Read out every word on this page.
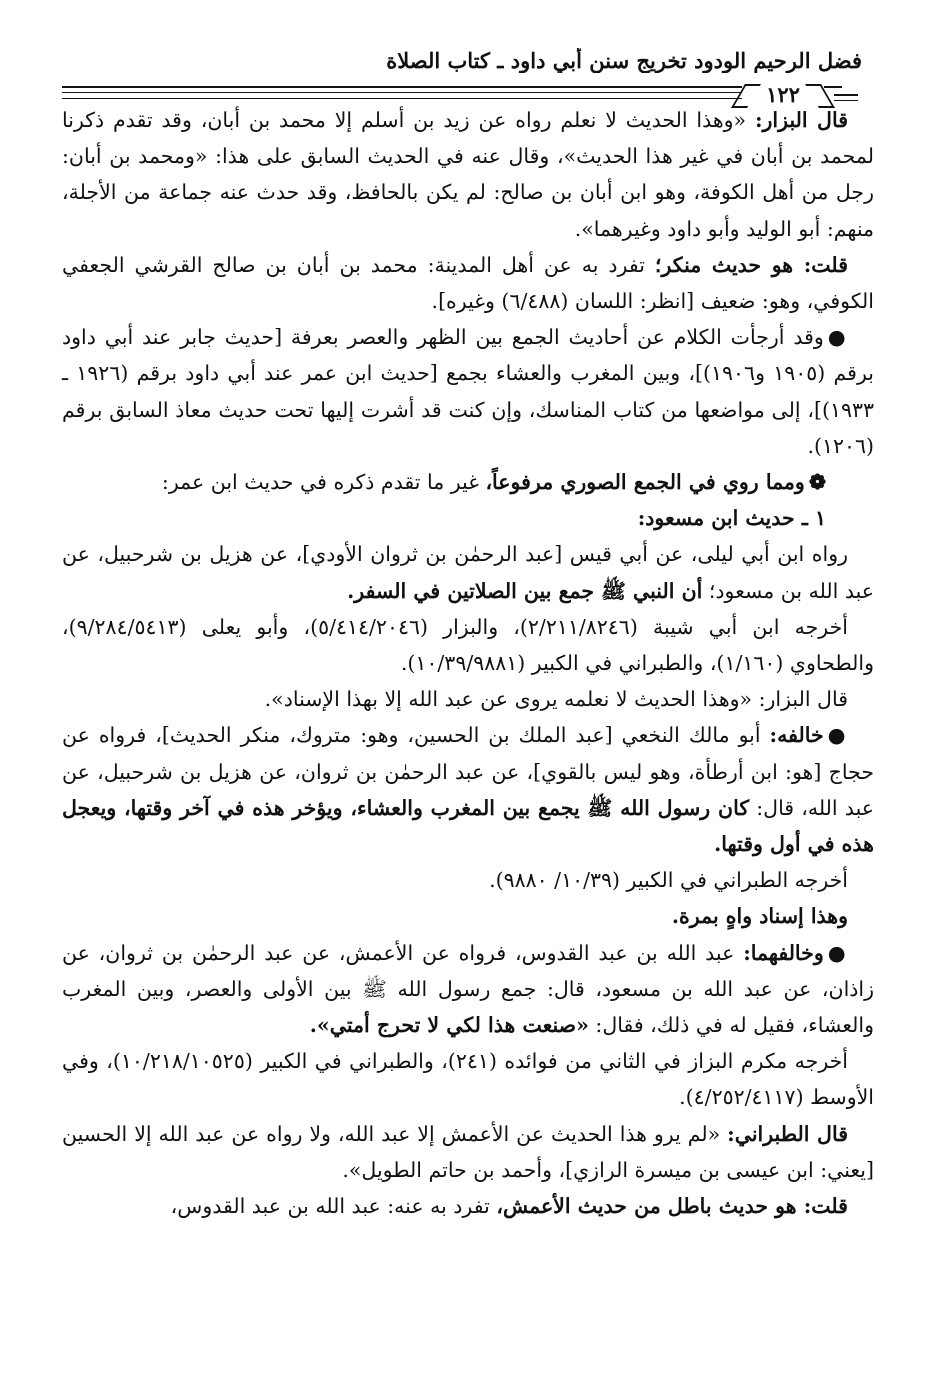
فضل الرحيم الودود تخريج سنن أبي داود ـ كتاب الصلاة
١٢٢

قال البزار: «وهذا الحديث لا نعلم رواه عن زيد بن أسلم إلا محمد بن أبان، وقد تقدم ذكرنا لمحمد بن أبان في غير هذا الحديث»، وقال عنه في الحديث السابق على هذا: «ومحمد بن أبان: رجل من أهل الكوفة، وهو ابن أبان بن صالح: لم يكن بالحافظ، وقد حدث عنه جماعة من الأجلة، منهم: أبو الوليد وأبو داود وغيرهما».

قلت: هو حديث منكر؛ تفرد به عن أهل المدينة: محمد بن أبان بن صالح القرشي الجعفي الكوفي، وهو: ضعيف [انظر: اللسان (٦/٤٨٨) وغيره].

●وقد أرجأت الكلام عن أحاديث الجمع بين الظهر والعصر بعرفة [حديث جابر عند أبي داود برقم (١٩٠٥ و١٩٠٦)]، وبين المغرب والعشاء بجمع [حديث ابن عمر عند أبي داود برقم (١٩٢٦ ـ ١٩٣٣)]، إلى مواضعها من كتاب المناسك، وإن كنت قد أشرت إليها تحت حديث معاذ السابق برقم (١٢٠٦).

❁ومما روي في الجمع الصوري مرفوعاً، غير ما تقدم ذكره في حديث ابن عمر:

١ ـ حديث ابن مسعود:

رواه ابن أبي ليلى، عن أبي قيس [عبد الرحمٰن بن ثروان الأودي]، عن هزيل بن شرحبيل، عن عبد الله بن مسعود؛ أن النبي ﷺ جمع بين الصلاتين في السفر.

أخرجه ابن أبي شيبة (٢/٢١١/٨٢٤٦)، والبزار (٥/٤١٤/٢٠٤٦)، وأبو يعلى (٩/٢٨٤/٥٤١٣)، والطحاوي (١/١٦٠)، والطبراني في الكبير (١٠/٣٩/٩٨٨١).

قال البزار: «وهذا الحديث لا نعلمه يروى عن عبد الله إلا بهذا الإسناد».

●خالفه: أبو مالك النخعي [عبد الملك بن الحسين، وهو: متروك، منكر الحديث]، فرواه عن حجاج [هو: ابن أرطأة، وهو ليس بالقوي]، عن عبد الرحمٰن بن ثروان، عن هزيل بن شرحبيل، عن عبد الله، قال: كان رسول الله ﷺ يجمع بين المغرب والعشاء، ويؤخر هذه في آخر وقتها، ويعجل هذه في أول وقتها.

أخرجه الطبراني في الكبير (١٠/٣٩/ ٩٨٨٠).

وهذا إسناد واهٍ بمرة.

●وخالفهما: عبد الله بن عبد القدوس، فرواه عن الأعمش، عن عبد الرحمٰن بن ثروان، عن زاذان، عن عبد الله بن مسعود، قال: جمع رسول الله ﷺ بين الأولى والعصر، وبين المغرب والعشاء، فقيل له في ذلك، فقال: «صنعت هذا لكي لا تحرج أمتي».

أخرجه مكرم البزاز في الثاني من فوائده (٢٤١)، والطبراني في الكبير (١٠/٢١٨/١٠٥٢٥)، وفي الأوسط (٤/٢٥٢/٤١١٧).

قال الطبراني: «لم يرو هذا الحديث عن الأعمش إلا عبد الله، ولا رواه عن عبد الله إلا الحسين [يعني: ابن عيسى بن ميسرة الرازي]، وأحمد بن حاتم الطويل».

قلت: هو حديث باطل من حديث الأعمش، تفرد به عنه: عبد الله بن عبد القدوس،
